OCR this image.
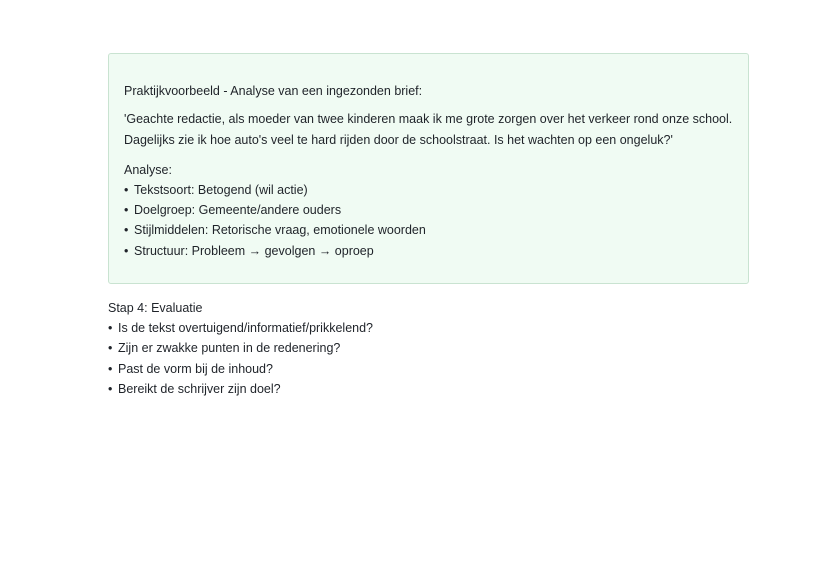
Praktijkvoorbeeld - Analyse van een ingezonden brief:

'Geachte redactie, als moeder van twee kinderen maak ik me grote zorgen over het verkeer rond onze school.

Dagelijks zie ik hoe auto's veel te hard rijden door de schoolstraat. Is het wachten op een ongeluk?'

Analyse:

• Tekstsoort: Betogend (wil actie)
• Doelgroep: Gemeente/andere ouders
• Stijlmiddelen: Retorische vraag, emotionele woorden
• Structuur: Probleem → gevolgen → oproep

Stap 4: Evaluatie

• Is de tekst overtuigend/informatief/prikkelend?
• Zijn er zwakke punten in de redenering?
• Past de vorm bij de inhoud?
• Bereikt de schrijver zijn doel?
